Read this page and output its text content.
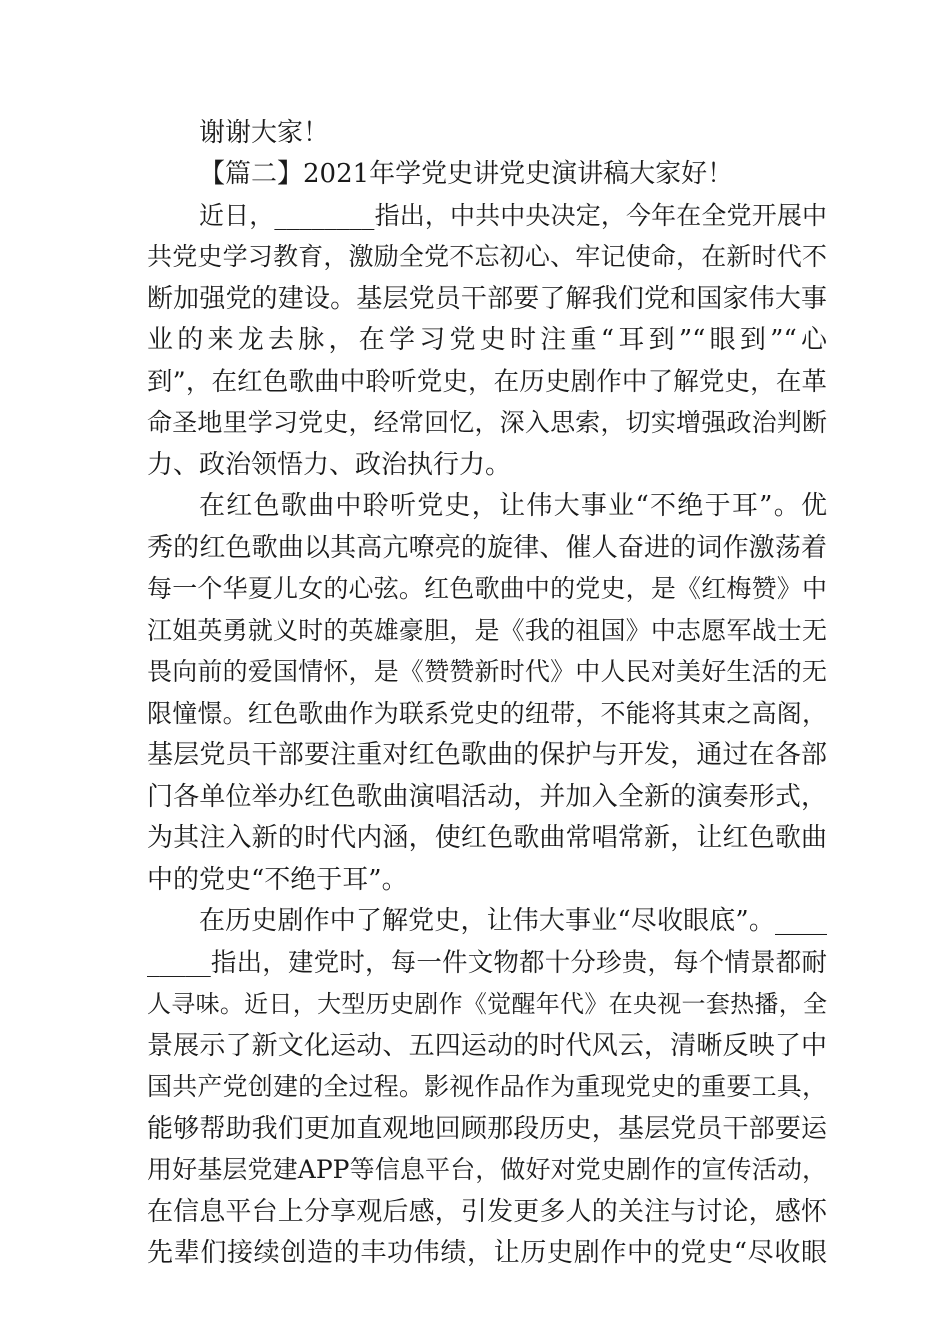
谢谢大家！
【篇二】2021年学党史讲党史演讲稿大家好！
近日，________指出，中共中央决定，今年在全党开展中
共党史学习教育，激励全党不忘初心、牢记使命，在新时代不
断加强党的建设。基层党员干部要了解我们党和国家伟大事
业的来龙去脉，在学习党史时注重“耳到”“眼到”“心
到”，在红色歌曲中聆听党史，在历史剧作中了解党史，在革
命圣地里学习党史，经常回忆，深入思索，切实增强政治判断
力、政治领悟力、政治执行力。
在红色歌曲中聆听党史，让伟大事业“不绝于耳”。优
秀的红色歌曲以其高亢嘹亮的旋律、催人奋进的词作激荡着
每一个华夏儿女的心弦。红色歌曲中的党史，是《红梅赞》中
江姐英勇就义时的英雄豪胆，是《我的祖国》中志愿军战士无
畏向前的爱国情怀，是《赞赞新时代》中人民对美好生活的无
限憧憬。红色歌曲作为联系党史的纽带，不能将其束之高阁，
基层党员干部要注重对红色歌曲的保护与开发，通过在各部
门各单位举办红色歌曲演唱活动，并加入全新的演奏形式，
为其注入新的时代内涵，使红色歌曲常唱常新，让红色歌曲
中的党史“不绝于耳”。
在历史剧作中了解党史，让伟大事业“尽收眼底”。____
_____指出，建党时，每一件文物都十分珍贵，每个情景都耐
人寻味。近日，大型历史剧作《觉醒年代》在央视一套热播，全
景展示了新文化运动、五四运动的时代风云，清晰反映了中
国共产党创建的全过程。影视作品作为重现党史的重要工具，
能够帮助我们更加直观地回顾那段历史，基层党员干部要运
用好基层党建APP等信息平台，做好对党史剧作的宣传活动，
在信息平台上分享观后感，引发更多人的关注与讨论，感怀
先辈们接续创造的丰功伟绩，让历史剧作中的党史“尽收眼
